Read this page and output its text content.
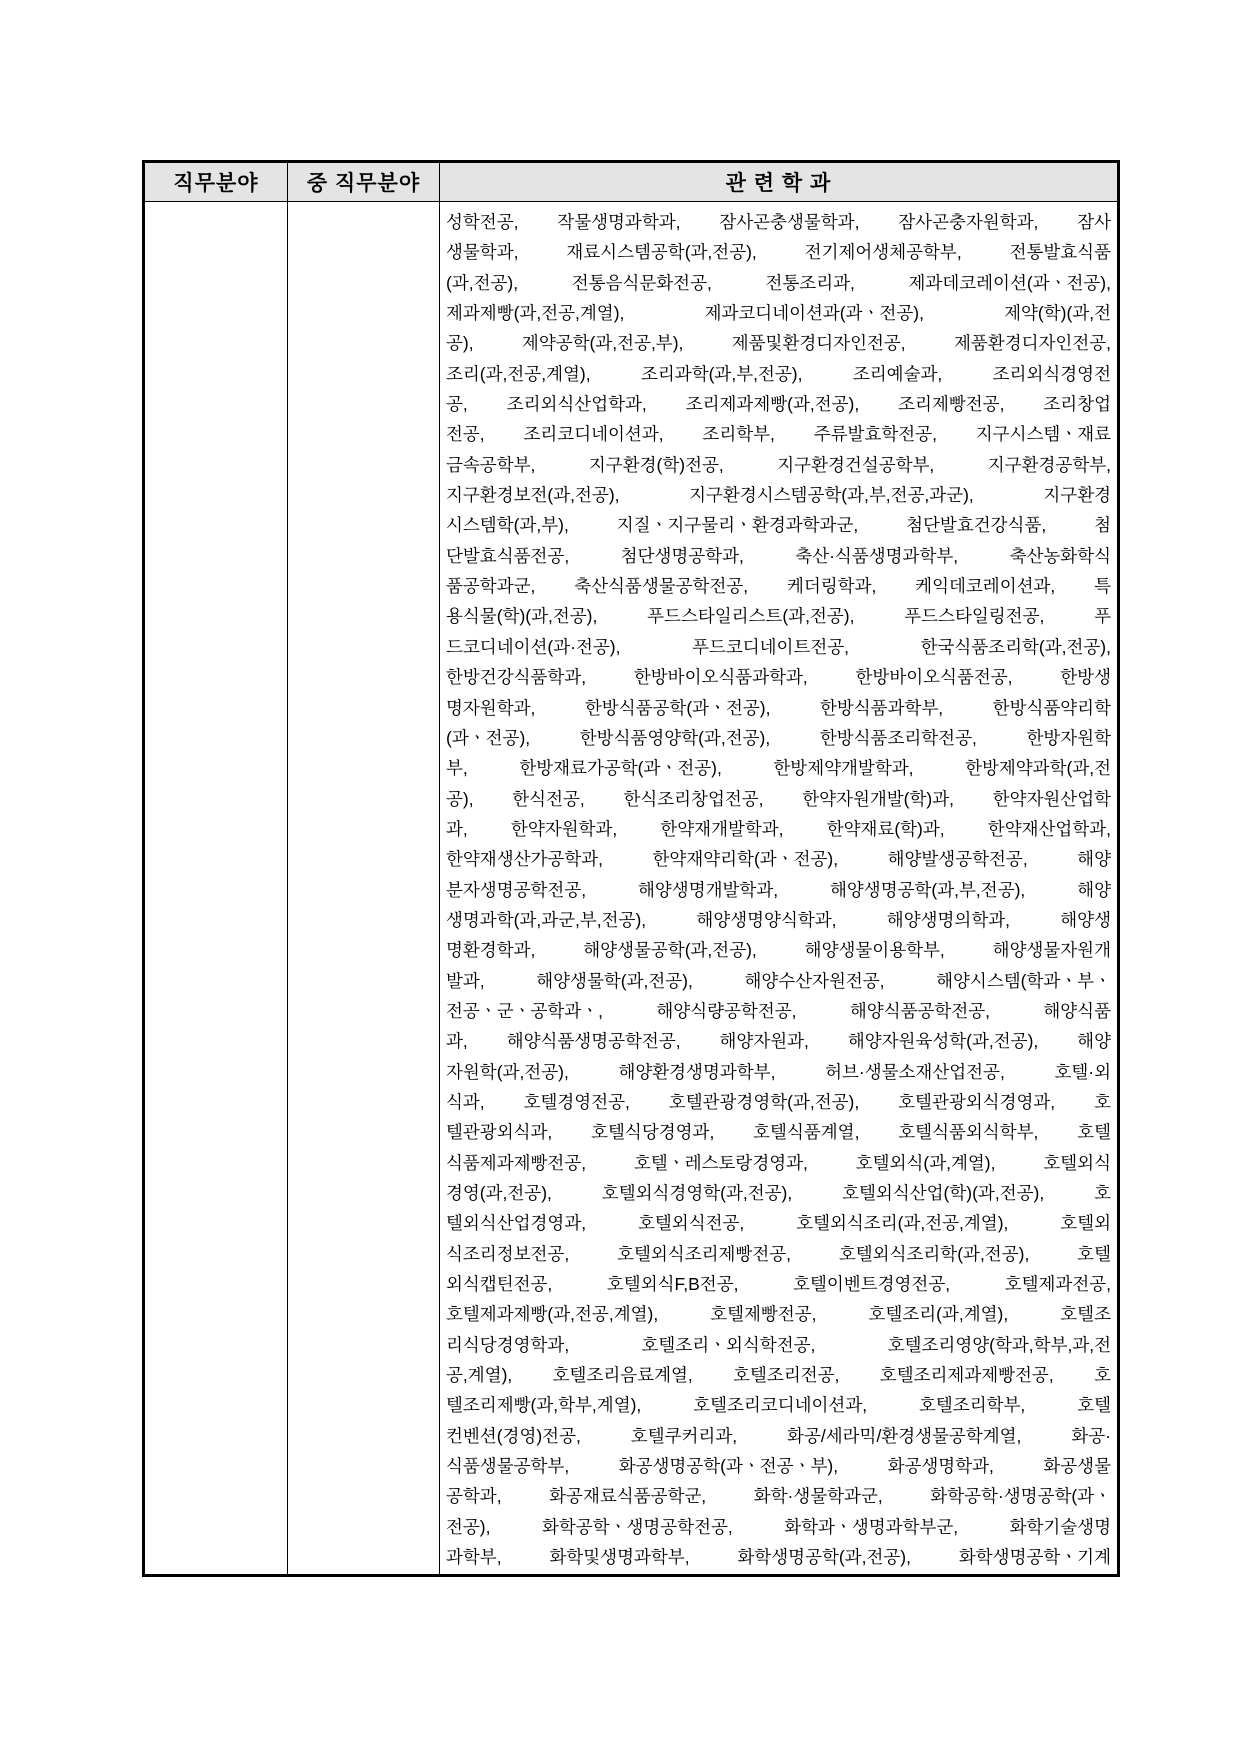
직무분야	중 직무분야	관 련 학 과

성학전공, 작물생명과학과, 잠사곤충생물학과, 잠사곤충자원학과, 잠사
생물학과, 재료시스템공학(과,전공), 전기제어생체공학부, 전통발효식품
(과,전공), 전통음식문화전공, 전통조리과, 제과데코레이션(과ㆍ전공),
제과제빵(과,전공,계열), 제과코디네이션과(과ㆍ전공), 제약(학)(과,전
공), 제약공학(과,전공,부), 제품및환경디자인전공, 제품환경디자인전공,
조리(과,전공,계열), 조리과학(과,부,전공), 조리예술과, 조리외식경영전
공, 조리외식산업학과, 조리제과제빵(과,전공), 조리제빵전공, 조리창업
전공, 조리코디네이션과, 조리학부, 주류발효학전공, 지구시스템ㆍ재료
금속공학부, 지구환경(학)전공, 지구환경건설공학부, 지구환경공학부,
지구환경보전(과,전공), 지구환경시스템공학(과,부,전공,과군), 지구환경
시스템학(과,부), 지질ㆍ지구물리ㆍ환경과학과군, 첨단발효건강식품, 첨
단발효식품전공, 첨단생명공학과, 축산·식품생명과학부, 축산농화학식
품공학과군, 축산식품생물공학전공, 케더링학과, 케익데코레이션과, 특
용식물(학)(과,전공), 푸드스타일리스트(과,전공), 푸드스타일링전공, 푸
드코디네이션(과·전공), 푸드코디네이트전공, 한국식품조리학(과,전공),
한방건강식품학과, 한방바이오식품과학과, 한방바이오식품전공, 한방생
명자원학과, 한방식품공학(과ㆍ전공), 한방식품과학부, 한방식품약리학
(과ㆍ전공), 한방식품영양학(과,전공), 한방식품조리학전공, 한방자원학
부, 한방재료가공학(과ㆍ전공), 한방제약개발학과, 한방제약과학(과,전
공), 한식전공, 한식조리창업전공, 한약자원개발(학)과, 한약자원산업학
과, 한약자원학과, 한약재개발학과, 한약재료(학)과, 한약재산업학과,
한약재생산가공학과, 한약재약리학(과ㆍ전공), 해양발생공학전공, 해양
분자생명공학전공, 해양생명개발학과, 해양생명공학(과,부,전공), 해양
생명과학(과,과군,부,전공), 해양생명양식학과, 해양생명의학과, 해양생
명환경학과, 해양생물공학(과,전공), 해양생물이용학부, 해양생물자원개
발과, 해양생물학(과,전공), 해양수산자원전공, 해양시스템(학과ㆍ부ㆍ
전공ㆍ군ㆍ공학과ㆍ, 해양식량공학전공, 해양식품공학전공, 해양식품
과, 해양식품생명공학전공, 해양자원과, 해양자원육성학(과,전공), 해양
자원학(과,전공), 해양환경생명과학부, 허브·생물소재산업전공, 호텔·외
식과, 호텔경영전공, 호텔관광경영학(과,전공), 호텔관광외식경영과, 호
텔관광외식과, 호텔식당경영과, 호텔식품계열, 호텔식품외식학부, 호텔
식품제과제빵전공, 호텔ㆍ레스토랑경영과, 호텔외식(과,계열), 호텔외식
경영(과,전공), 호텔외식경영학(과,전공), 호텔외식산업(학)(과,전공), 호
텔외식산업경영과, 호텔외식전공, 호텔외식조리(과,전공,계열), 호텔외
식조리정보전공, 호텔외식조리제빵전공, 호텔외식조리학(과,전공), 호텔
외식캡틴전공, 호텔외식F,B전공, 호텔이벤트경영전공, 호텔제과전공,
호텔제과제빵(과,전공,계열), 호텔제빵전공, 호텔조리(과,계열), 호텔조
리식당경영학과, 호텔조리ㆍ외식학전공, 호텔조리영양(학과,학부,과,전
공,계열), 호텔조리음료계열, 호텔조리전공, 호텔조리제과제빵전공, 호
텔조리제빵(과,학부,계열), 호텔조리코디네이션과, 호텔조리학부, 호텔
컨벤션(경영)전공, 호텔쿠커리과, 화공/세라믹/환경생물공학계열, 화공·
식품생물공학부, 화공생명공학(과ㆍ전공ㆍ부), 화공생명학과, 화공생물
공학과, 화공재료식품공학군, 화학·생물학과군, 화학공학·생명공학(과ㆍ
전공), 화학공학ㆍ생명공학전공, 화학과ㆍ생명과학부군, 화학기술생명
과학부, 화학및생명과학부, 화학생명공학(과,전공), 화학생명공학ㆍ기계
